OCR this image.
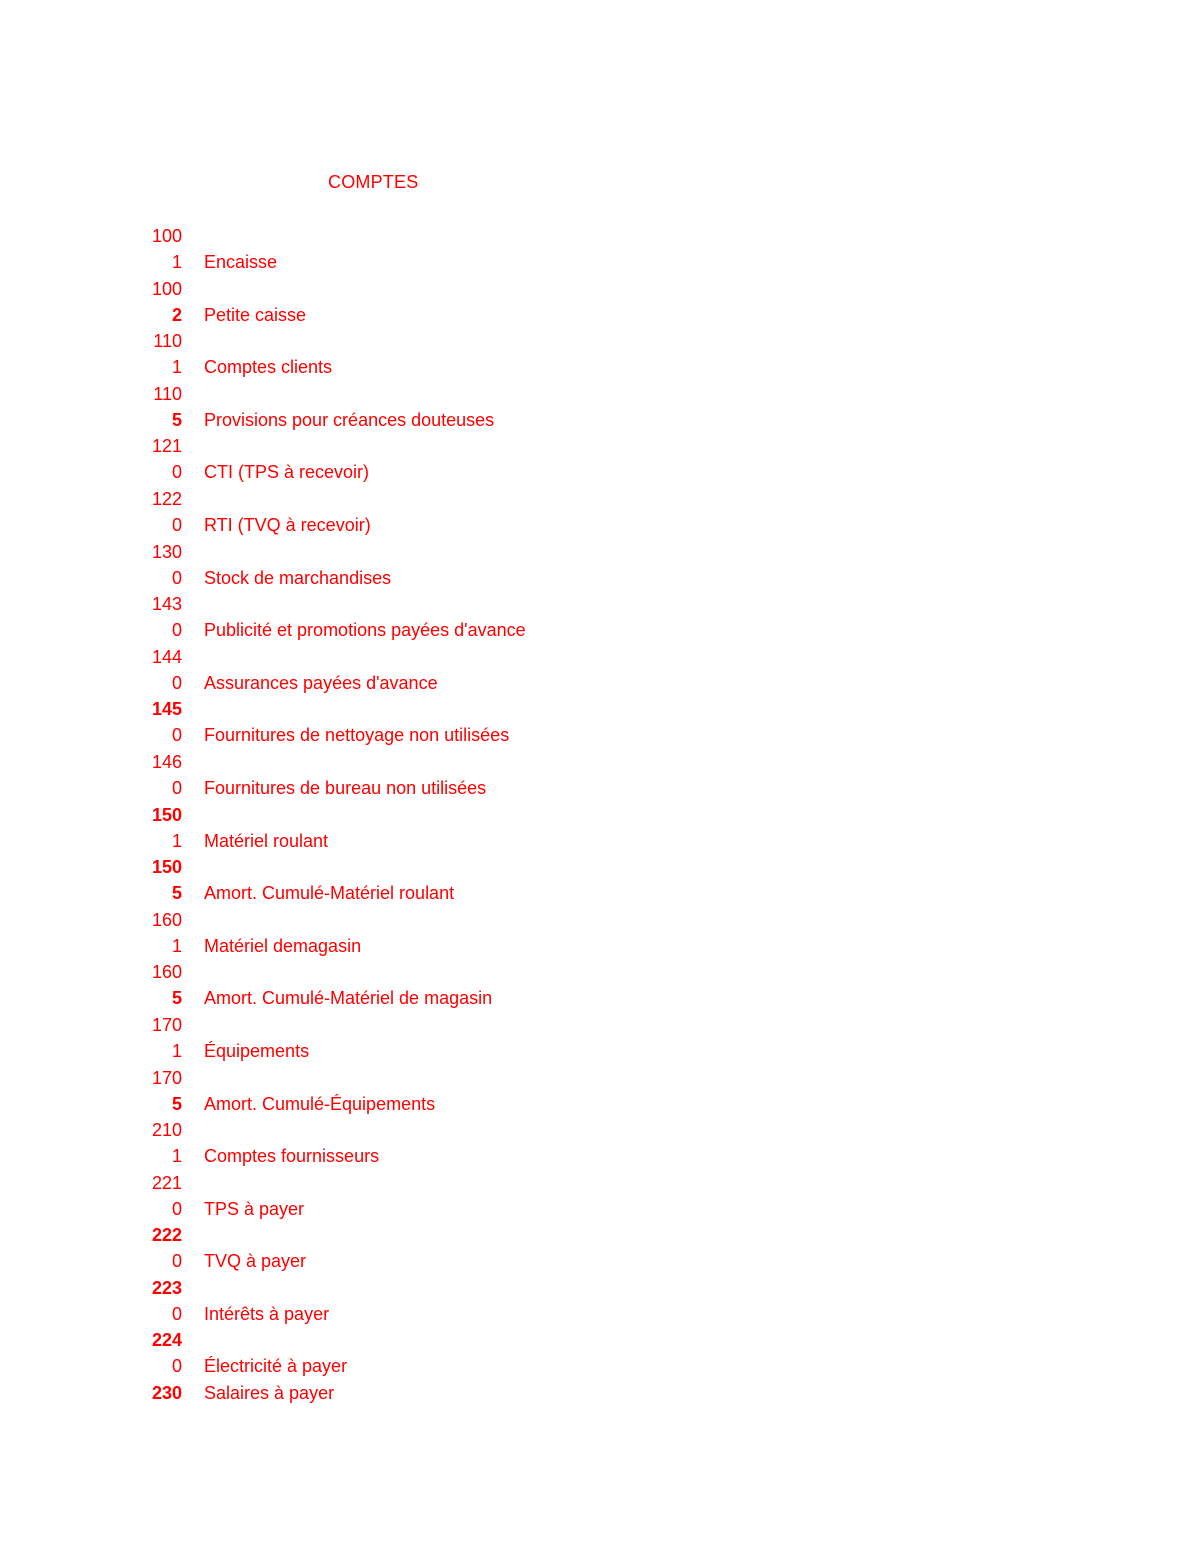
COMPTES
100
1 Encaisse
100
2 Petite caisse
110
1 Comptes clients
110
5 Provisions pour créances douteuses
121
0 CTI (TPS à recevoir)
122
0 RTI (TVQ à recevoir)
130
0 Stock de marchandises
143
0 Publicité et promotions payées d'avance
144
0 Assurances payées d'avance
145
0 Fournitures de nettoyage non utilisées
146
0 Fournitures de bureau non utilisées
150
1 Matériel roulant
150
5 Amort. Cumulé-Matériel roulant
160
1 Matériel demagasin
160
5 Amort. Cumulé-Matériel de magasin
170
1 Équipements
170
5 Amort. Cumulé-Équipements
210
1 Comptes fournisseurs
221
0 TPS à payer
222
0 TVQ à payer
223
0 Intérêts à payer
224
0 Électricité à payer
230 Salaires à payer
